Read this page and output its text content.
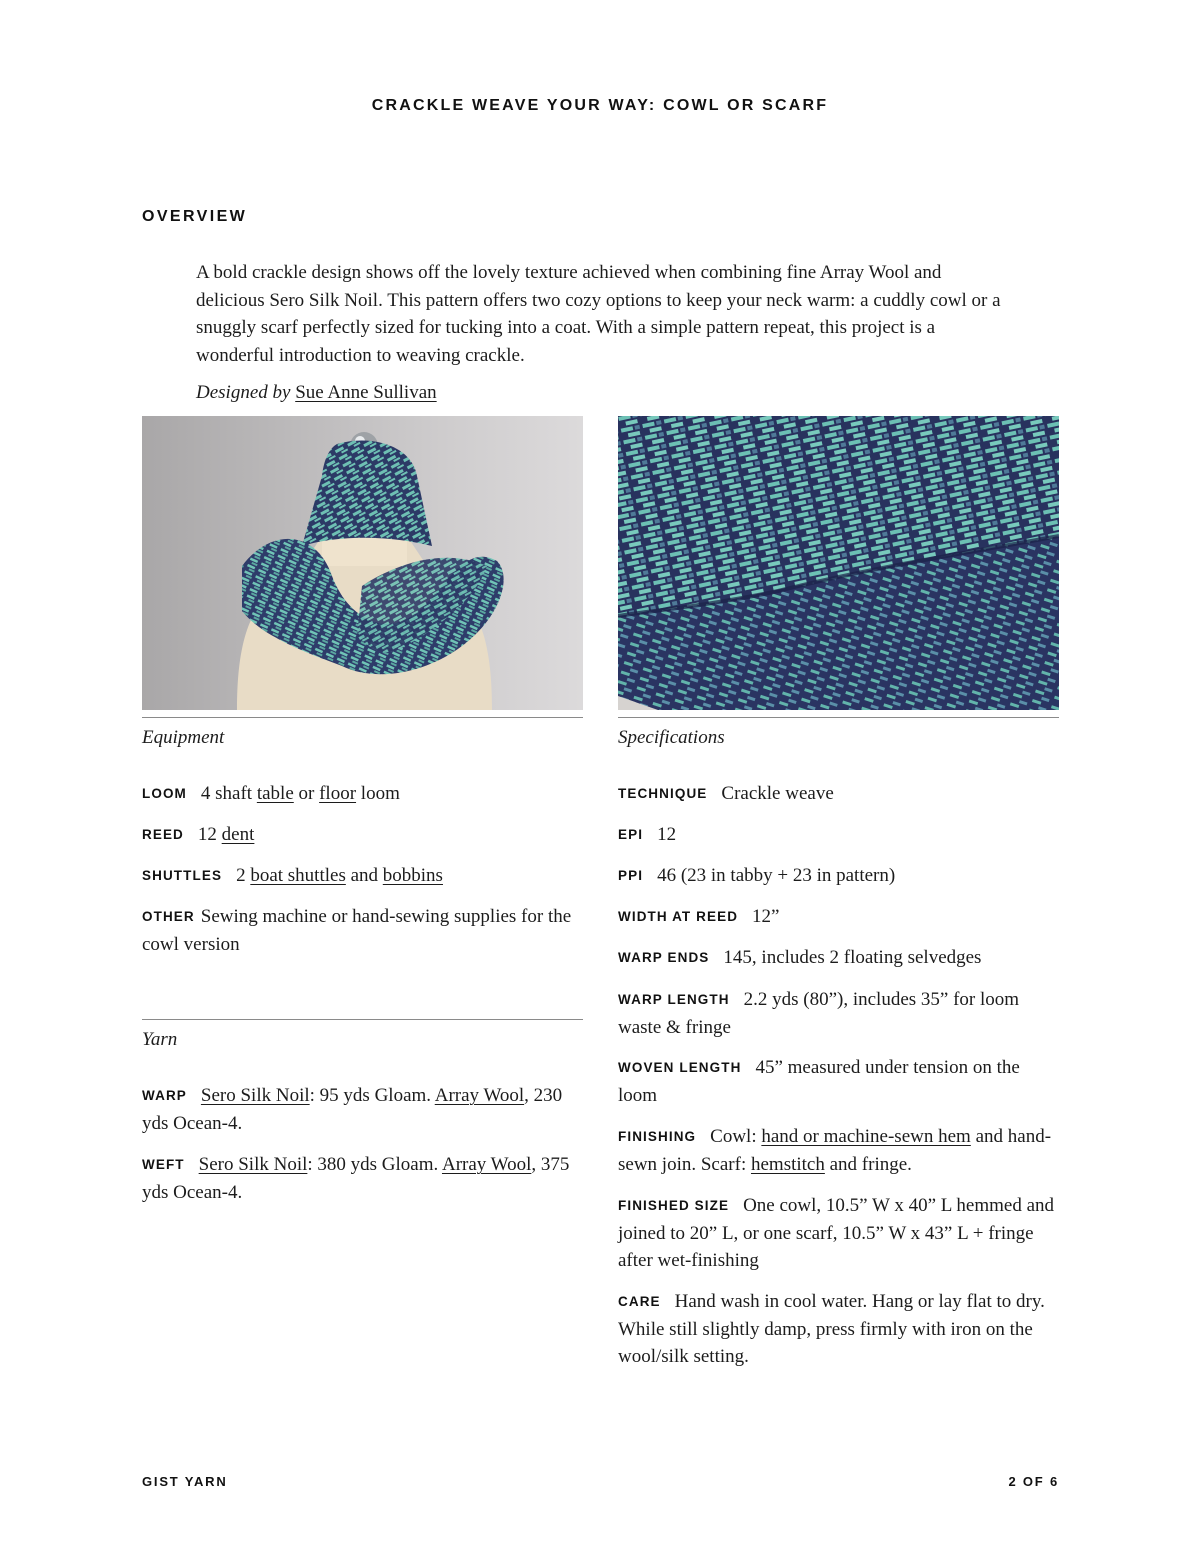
CRACKLE WEAVE YOUR WAY: COWL OR SCARF
OVERVIEW

A bold crackle design shows off the lovely texture achieved when combining fine Array Wool and delicious Sero Silk Noil. This pattern offers two cozy options to keep your neck warm: a cuddly cowl or a snuggly scarf perfectly sized for tucking into a coat. With a simple pattern repeat, this project is a wonderful introduction to weaving crackle.

Designed by Sue Anne Sullivan
Equipment
LOOM 4 shaft table or floor loom
REED 12 dent
SHUTTLES 2 boat shuttles and bobbins
OTHER Sewing machine or hand-sewing supplies for the cowl version
Yarn
WARP Sero Silk Noil: 95 yds Gloam. Array Wool, 230 yds Ocean-4.
WEFT Sero Silk Noil: 380 yds Gloam. Array Wool, 375 yds Ocean-4.
Specifications
TECHNIQUE Crackle weave
EPI 12
PPI 46 (23 in tabby + 23 in pattern)
WIDTH AT REED 12”
WARP ENDS 145, includes 2 floating selvedges
WARP LENGTH 2.2 yds (80”), includes 35” for loom waste & fringe
WOVEN LENGTH 45” measured under tension on the loom
FINISHING Cowl: hand or machine-sewn hem and hand-sewn join. Scarf: hemstitch and fringe.
FINISHED SIZE One cowl, 10.5” W x 40” L hemmed and joined to 20” L, or one scarf, 10.5” W x 43” L + fringe after wet-finishing
CARE Hand wash in cool water. Hang or lay flat to dry. While still slightly damp, press firmly with iron on the wool/silk setting.
GIST YARN	2 OF 6
